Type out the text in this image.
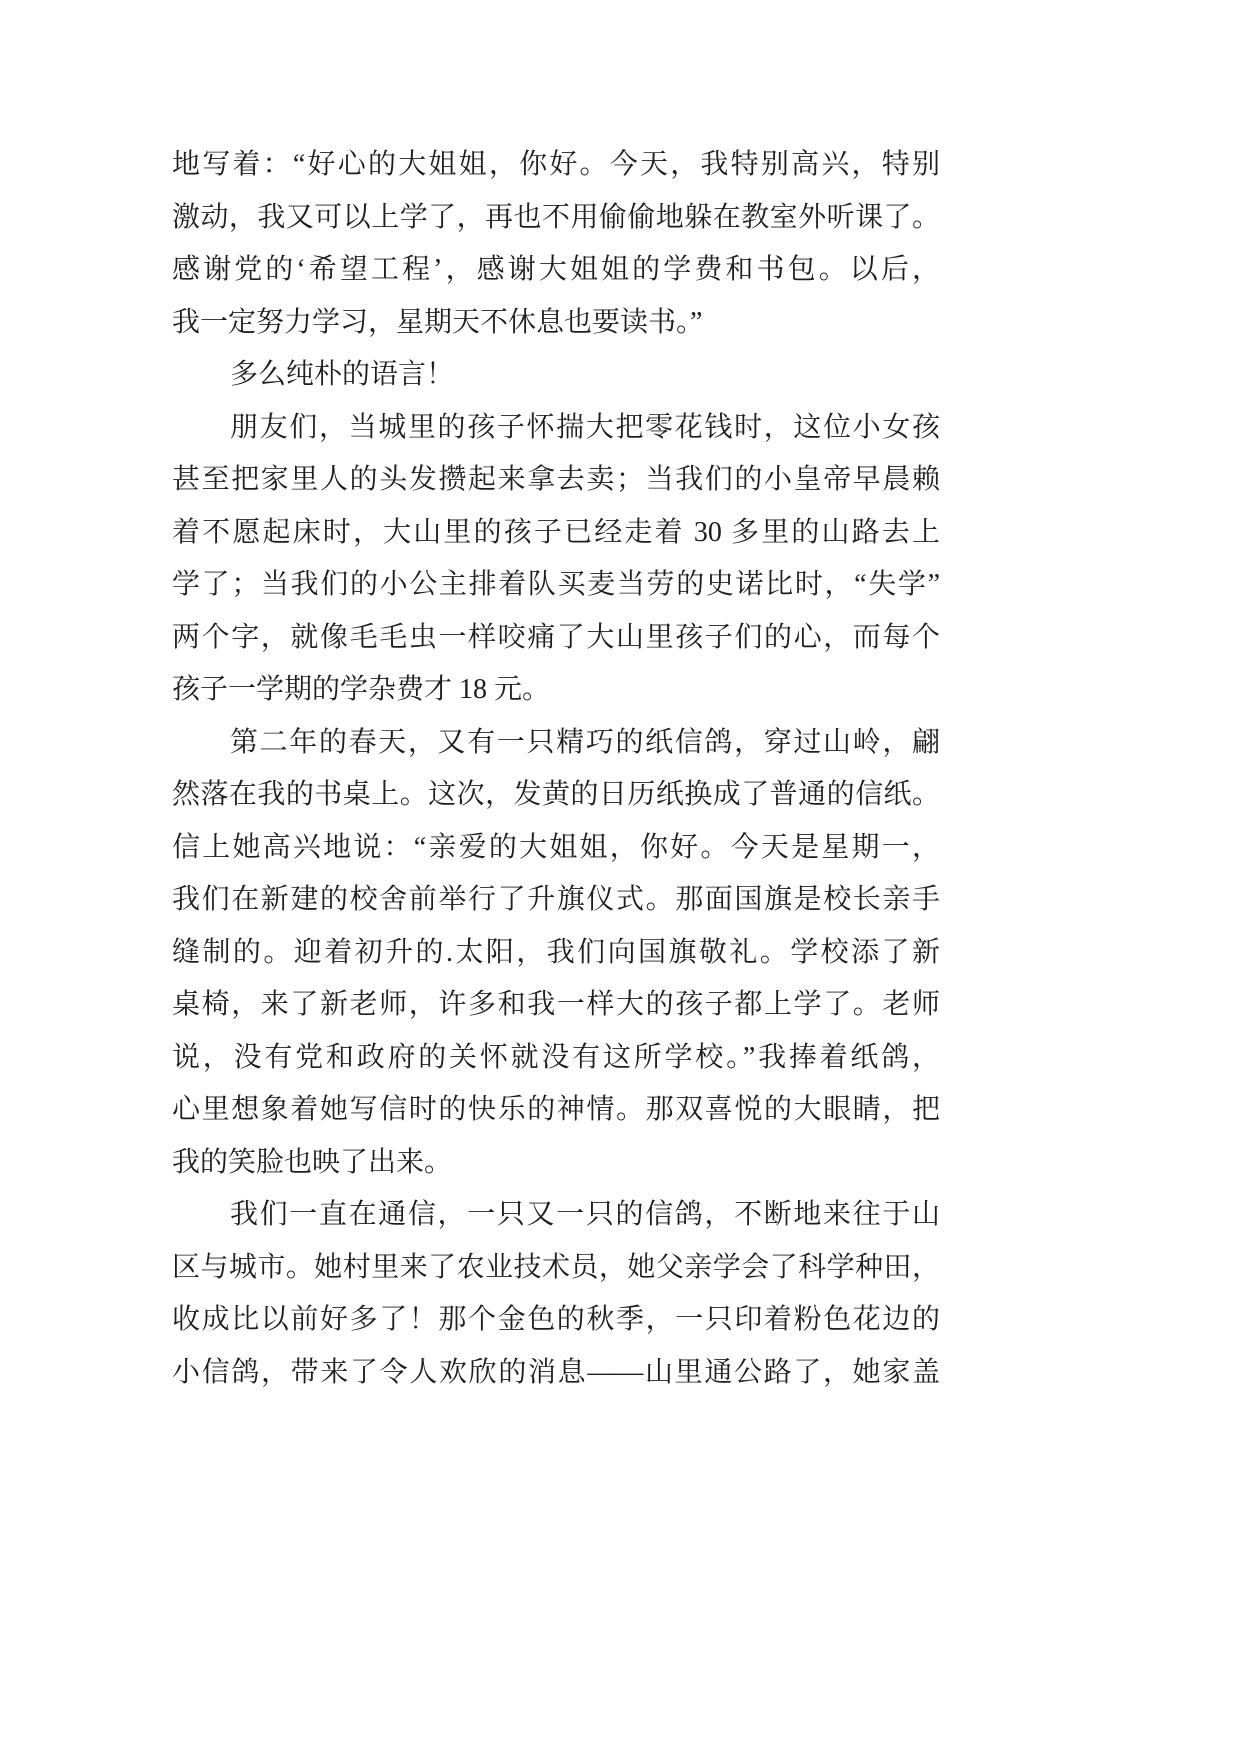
地写着：“好心的大姐姐，你好。今天，我特别高兴，特别
激动，我又可以上学了，再也不用偷偷地躲在教室外听课了。
感谢党的‘希望工程’，感谢大姐姐的学费和书包。以后，
我一定努力学习，星期天不休息也要读书。”
多么纯朴的语言！
朋友们，当城里的孩子怀揣大把零花钱时，这位小女孩
甚至把家里人的头发攒起来拿去卖；当我们的小皇帝早晨赖
着不愿起床时，大山里的孩子已经走着 30 多里的山路去上
学了；当我们的小公主排着队买麦当劳的史诺比时，“失学”
两个字，就像毛毛虫一样咬痛了大山里孩子们的心，而每个
孩子一学期的学杂费才 18 元。
第二年的春天，又有一只精巧的纸信鸽，穿过山岭，翩
然落在我的书桌上。这次，发黄的日历纸换成了普通的信纸。
信上她高兴地说：“亲爱的大姐姐，你好。今天是星期一，
我们在新建的校舍前举行了升旗仪式。那面国旗是校长亲手
缝制的。迎着初升的.太阳，我们向国旗敬礼。学校添了新
桌椅，来了新老师，许多和我一样大的孩子都上学了。老师
说，没有党和政府的关怀就没有这所学校。”我捧着纸鸽，
心里想象着她写信时的快乐的神情。那双喜悦的大眼睛，把
我的笑脸也映了出来。
我们一直在通信，一只又一只的信鸽，不断地来往于山
区与城市。她村里来了农业技术员，她父亲学会了科学种田，
收成比以前好多了！那个金色的秋季，一只印着粉色花边的
小信鸽，带来了令人欢欣的消息——山里通公路了，她家盖
